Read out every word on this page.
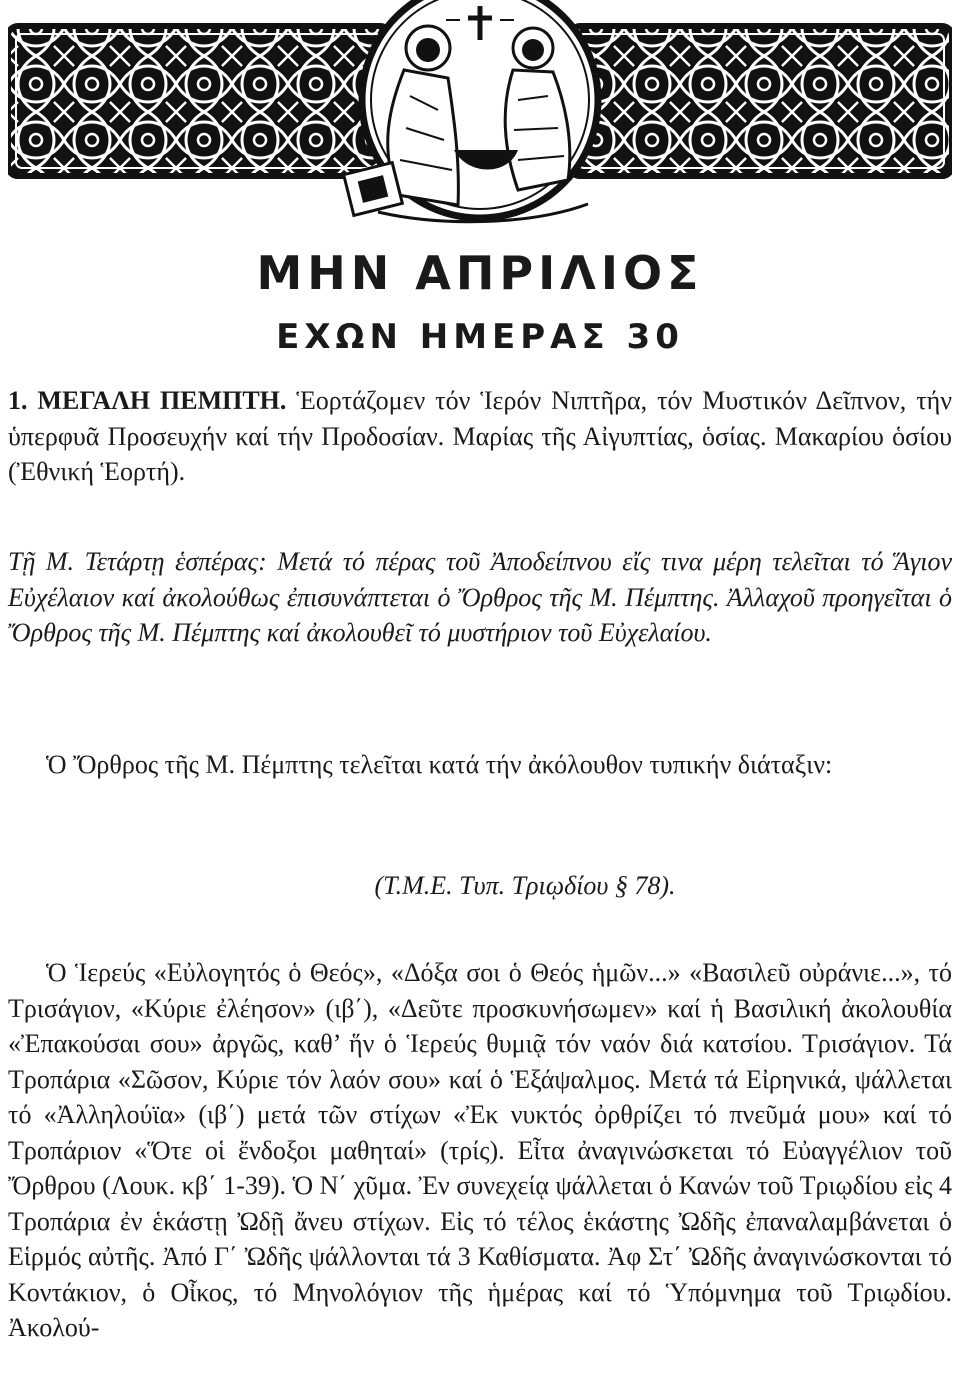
ΜΗΝ ΑΠΡΙΛΙΟΣ
ΕΧΩΝ ΗΜΕΡΑΣ 30

1. ΜΕΓΑΛΗ ΠΕΜΠΤΗ. Ἑορτάζομεν τόν Ἱερόν Νιπτῆρα, τόν Μυστικόν Δεῖπνον, τήν ὑπερφυᾶ Προσευχήν καί τήν Προδοσίαν. Μαρίας τῆς Αἰγυπτίας, ὁσίας. Μακαρίου ὁσίου (Ἐθνική Ἑορτή).

Τῇ Μ. Τετάρτῃ ἑσπέρας: Μετά τό πέρας τοῦ Ἀποδείπνου εἴς τινα μέρη τελεῖται τό Ἅγιον Εὐχέλαιον καί ἀκολούθως ἐπισυνάπτεται ὁ Ὄρθρος τῆς Μ. Πέμπτης. Ἀλλαχοῦ προηγεῖται ὁ Ὄρθρος τῆς Μ. Πέμπτης καί ἀκολουθεῖ τό μυστήριον τοῦ Εὐχελαίου.

Ὁ Ὄρθρος τῆς Μ. Πέμπτης τελεῖται κατά τήν ἀκόλουθον τυπικήν διάταξιν:

(Τ.Μ.Ε. Τυπ. Τριῳδίου § 78).

Ὁ Ἱερεύς «Εὐλογητός ὁ Θεός», «Δόξα σοι ὁ Θεός ἡμῶν...» «Βασιλεῦ οὐράνιε...», τό Τρισάγιον, «Κύριε ἐλέησον» (ιβ΄), «Δεῦτε προσκυνήσωμεν» καί ἡ Βασιλική ἀκολουθία «Ἐπακούσαι σου» ἀργῶς, καθ’ ἥν ὁ Ἱερεύς θυμιᾷ τόν ναόν διά κατσίου. Τρισάγιον. Τά Τροπάρια «Σῶσον, Κύριε τόν λαόν σου» καί ὁ Ἑξάψαλμος. Μετά τά Εἰρηνικά, ψάλλεται τό «Ἀλληλούϊα» (ιβ΄) μετά τῶν στίχων «Ἐκ νυκτός ὀρθρίζει τό πνεῦμά μου» καί τό Τροπάριον «Ὅτε οἱ ἔνδοξοι μαθηταί» (τρίς). Εἶτα ἀναγινώσκεται τό Εὐαγγέλιον τοῦ Ὄρθρου (Λουκ. κβ΄ 1-39). Ὁ Ν΄ χῦμα. Ἐν συνεχείᾳ ψάλλεται ὁ Κανών τοῦ Τριῳδίου εἰς 4 Τροπάρια ἐν ἑκάστῃ Ὠδῇ ἄνευ στίχων. Εἰς τό τέλος ἑκάστης Ὠδῆς ἐπαναλαμβάνεται ὁ Εἱρμός αὐτῆς. Ἀπό Γ΄ Ὠδῆς ψάλλονται τά 3 Καθίσματα. Ἀφ Στ΄ Ὠδῆς ἀναγινώσκονται τό Κοντάκιον, ὁ Οἶκος, τό Μηνολόγιον τῆς ἡμέρας καί τό Ὑπόμνημα τοῦ Τριῳδίου. Ἀκολού-
